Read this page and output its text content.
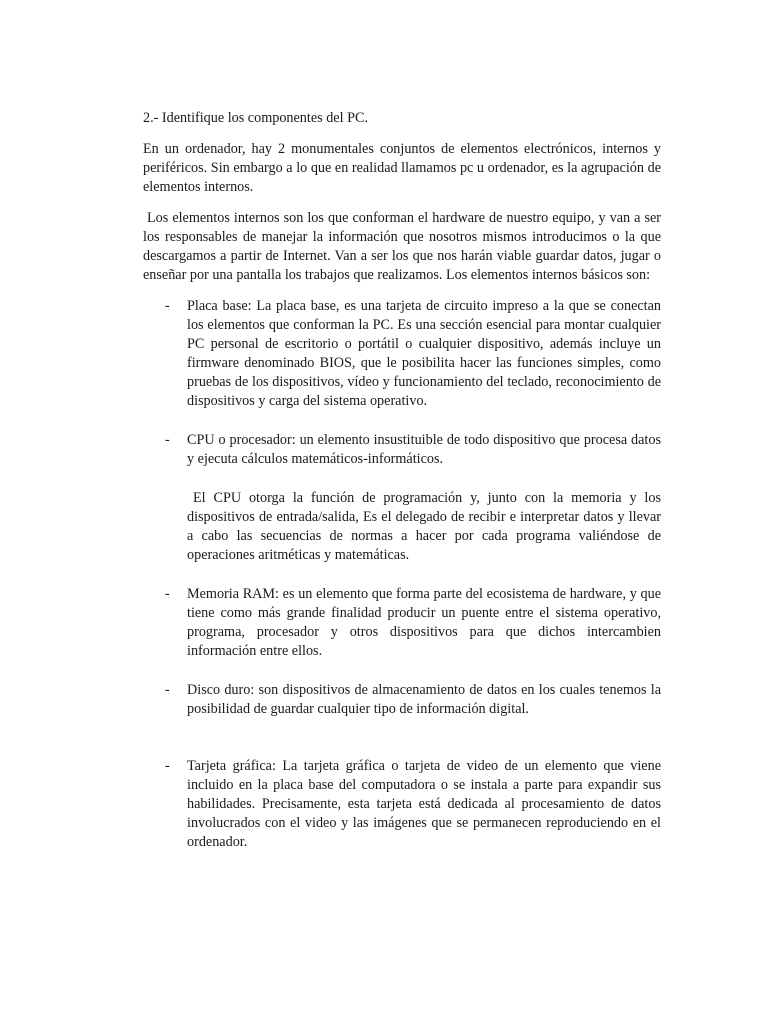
2.- Identifique los componentes del PC.

En un ordenador, hay 2 monumentales conjuntos de elementos electrónicos, internos y periféricos. Sin embargo a lo que en realidad llamamos pc u ordenador, es la agrupación de elementos internos.

Los elementos internos son los que conforman el hardware de nuestro equipo, y van a ser los responsables de manejar la información que nosotros mismos introducimos o la que descargamos a partir de Internet. Van a ser los que nos harán viable guardar datos, jugar o enseñar por una pantalla los trabajos que realizamos. Los elementos internos básicos son:

- Placa base: La placa base, es una tarjeta de circuito impreso a la que se conectan los elementos que conforman la PC. Es una sección esencial para montar cualquier PC personal de escritorio o portátil o cualquier dispositivo, además incluye un firmware denominado BIOS, que le posibilita hacer las funciones simples, como pruebas de los dispositivos, vídeo y funcionamiento del teclado, reconocimiento de dispositivos y carga del sistema operativo.
- CPU o procesador: un elemento insustituible de todo dispositivo que procesa datos y ejecuta cálculos matemáticos-informáticos.
El CPU otorga la función de programación y, junto con la memoria y los dispositivos de entrada/salida, Es el delegado de recibir e interpretar datos y llevar a cabo las secuencias de normas a hacer por cada programa valiéndose de operaciones aritméticas y matemáticas.
- Memoria RAM: es un elemento que forma parte del ecosistema de hardware, y que tiene como más grande finalidad producir un puente entre el sistema operativo, programa, procesador y otros dispositivos para que dichos intercambien información entre ellos.
- Disco duro: son dispositivos de almacenamiento de datos en los cuales tenemos la posibilidad de guardar cualquier tipo de información digital.
- Tarjeta gráfica: La tarjeta gráfica o tarjeta de video de un elemento que viene incluido en la placa base del computadora o se instala a parte para expandir sus habilidades. Precisamente, esta tarjeta está dedicada al procesamiento de datos involucrados con el video y las imágenes que se permanecen reproduciendo en el ordenador.
